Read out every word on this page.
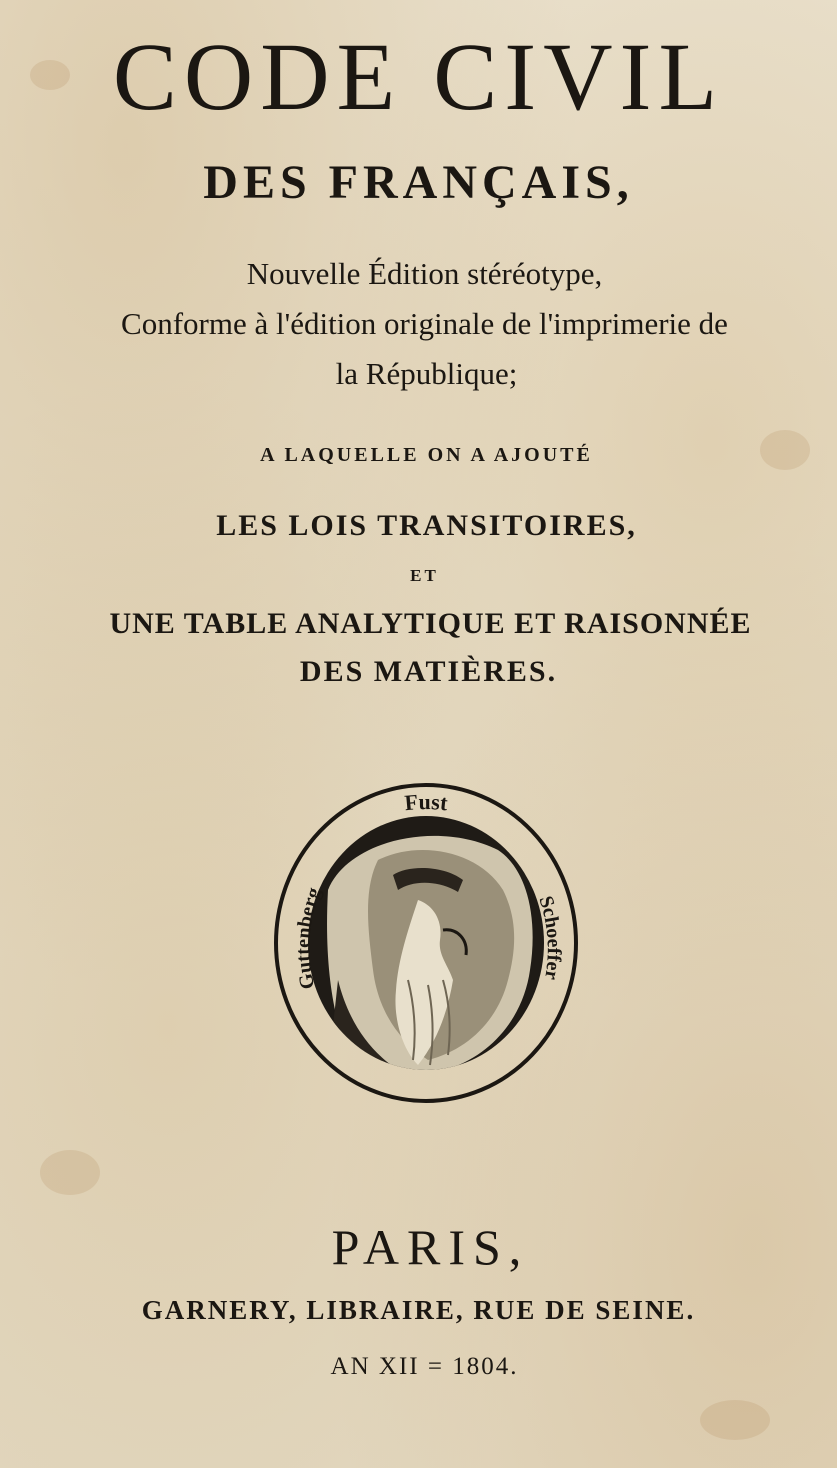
CODE CIVIL
DES FRANÇAIS,
Nouvelle Édition stéréotype,
Conforme à l'édition originale de l'imprimerie de
la République;
A LAQUELLE ON A AJOUTÉ
LES LOIS TRANSITOIRES,
ET
UNE TABLE ANALYTIQUE ET RAISONNÉE
DES MATIÈRES.
Fust
Guttenberg
Schoeffer
PARIS,
GARNERY, LIBRAIRE, RUE DE SEINE.
AN XII = 1804.
